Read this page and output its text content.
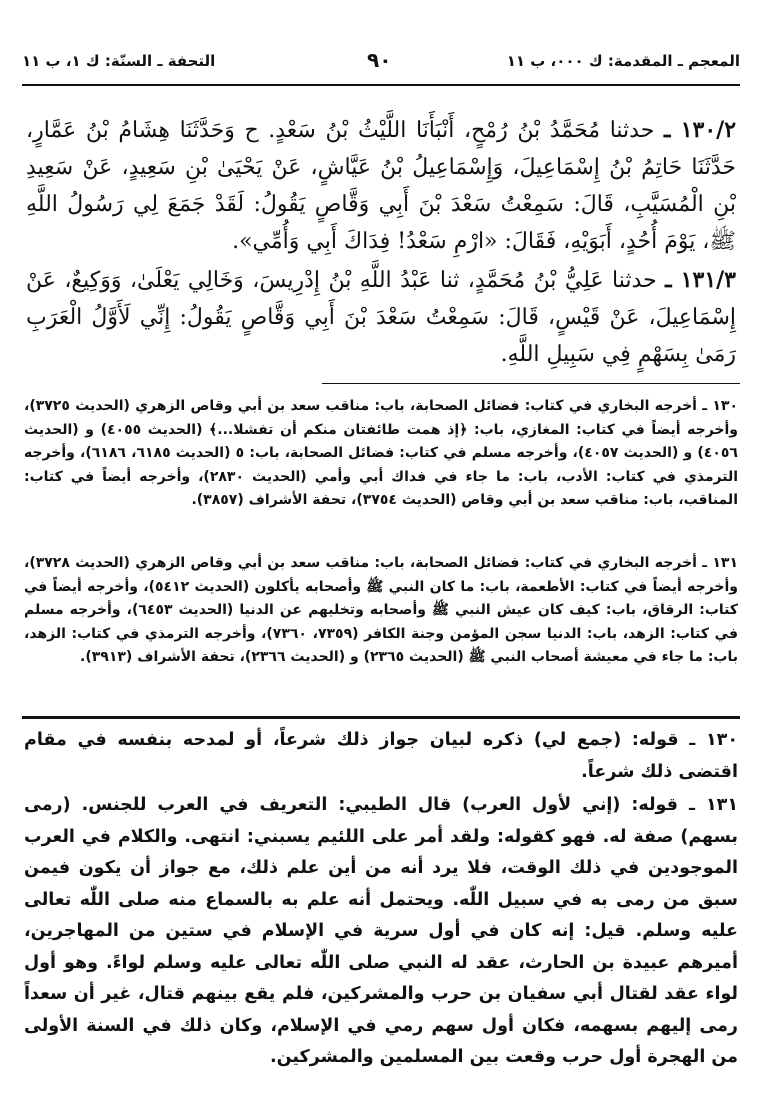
المعجم ـ المقدمة: ك ٠٠٠، ب ١١
٩٠
التحفة ـ السنّة: ك ١، ب ١١
١٣٠/٢ ـ حدثنا مُحَمَّدُ بْنُ رُمْحٍ، أَنْبَأَنَا اللَّيْثُ بْنُ سَعْدٍ. ح وَحَدَّثَنَا هِشَامُ بْنُ عَمَّارٍ، حَدَّثَنَا حَاتِمُ بْنُ إِسْمَاعِيلَ، وَإِسْمَاعِيلُ بْنُ عَيَّاشٍ، عَنْ يَحْيَىٰ بْنِ سَعِيدٍ، عَنْ سَعِيدِ بْنِ الْمُسَيَّبِ، قَالَ: سَمِعْتُ سَعْدَ بْنَ أَبِي وَقَّاصٍ يَقُولُ: لَقَدْ جَمَعَ لِي رَسُولُ اللَّهِ ﷺ، يَوْمَ أُحُدٍ، أَبَوَيْهِ، فَقَالَ: «ارْمِ سَعْدُ! فِدَاكَ أَبِي وَأُمِّي».
١٣١/٣ ـ حدثنا عَلِيُّ بْنُ مُحَمَّدٍ، ثنا عَبْدُ اللَّهِ بْنُ إِدْرِيسَ، وَخَالِي يَعْلَىٰ، وَوَكِيعٌ، عَنْ إِسْمَاعِيلَ، عَنْ قَيْسٍ، قَالَ: سَمِعْتُ سَعْدَ بْنَ أَبِي وَقَّاصٍ يَقُولُ: إِنِّي لَأَوَّلُ الْعَرَبِ رَمَىٰ بِسَهْمٍ فِي سَبِيلِ اللَّهِ.
١٣٠ ـ أخرجه البخاري في كتاب: فضائل الصحابة، باب: مناقب سعد بن أبي وقاص الزهري (الحديث ٣٧٢٥)، وأخرجه أيضاً في كتاب: المغازي، باب: ﴿إذ همت طائفتان منكم أن تفشلا...﴾ (الحديث ٤٠٥٥) و (الحديث ٤٠٥٦) و (الحديث ٤٠٥٧)، وأخرجه مسلم في كتاب: فضائل الصحابة، باب: ٥ (الحديث ٦١٨٥، ٦١٨٦)، وأخرجه الترمذي في كتاب: الأدب، باب: ما جاء في فداك أبي وأمي (الحديث ٢٨٣٠)، وأخرجه أيضاً في كتاب: المناقب، باب: مناقب سعد بن أبي وقاص (الحديث ٣٧٥٤)، تحفة الأشراف (٣٨٥٧).
١٣١ ـ أخرجه البخاري في كتاب: فضائل الصحابة، باب: مناقب سعد بن أبي وقاص الزهري (الحديث ٣٧٢٨)، وأخرجه أيضاً في كتاب: الأطعمة، باب: ما كان النبي ﷺ وأصحابه يأكلون (الحديث ٥٤١٢)، وأخرجه أيضاً في كتاب: الرقاق، باب: كيف كان عيش النبي ﷺ وأصحابه وتخليهم عن الدنيا (الحديث ٦٤٥٣)، وأخرجه مسلم في كتاب: الزهد، باب: الدنيا سجن المؤمن وجنة الكافر (٧٣٥٩، ٧٣٦٠)، وأخرجه الترمذي في كتاب: الزهد، باب: ما جاء في معيشة أصحاب النبي ﷺ (الحديث ٢٣٦٥) و (الحديث ٢٣٦٦)، تحفة الأشراف (٣٩١٣).
١٣٠ ـ قوله: (جمع لي) ذكره لبيان جواز ذلك شرعاً، أو لمدحه بنفسه في مقام اقتضى ذلك شرعاً.
١٣١ ـ قوله: (إني لأول العرب) قال الطيبي: التعريف في العرب للجنس. (رمى بسهم) صفة له. فهو كقوله: ولقد أمر على اللئيم يسبني: انتهى. والكلام في العرب الموجودين في ذلك الوقت، فلا يرد أنه من أين علم ذلك، مع جواز أن يكون فيمن سبق من رمى به في سبيل اللّٰه. ويحتمل أنه علم به بالسماع منه صلى اللّٰه تعالى عليه وسلم. قيل: إنه كان في أول سرية في الإسلام في ستين من المهاجرين، أميرهم عبيدة بن الحارث، عقد له النبي صلى اللّٰه تعالى عليه وسلم لواءً. وهو أول لواء عقد لقتال أبي سفيان بن حرب والمشركين، فلم يقع بينهم قتال، غير أن سعداً رمى إليهم بسهمه، فكان أول سهم رمي في الإسلام، وكان ذلك في السنة الأولى من الهجرة أول حرب وقعت بين المسلمين والمشركين.
